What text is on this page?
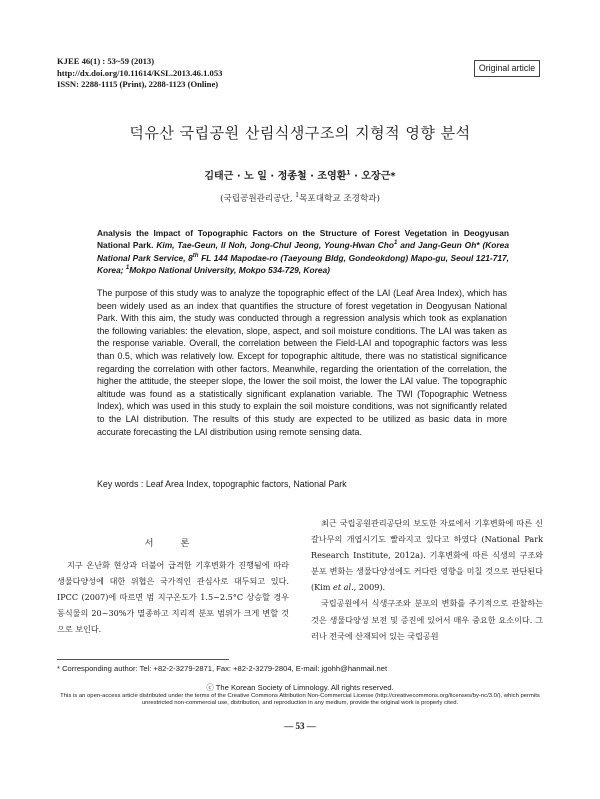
KJEE 46(1) : 53~59 (2013)
http://dx.doi.org/10.11614/KSL.2013.46.1.053
ISSN: 2288-1115 (Print), 2288-1123 (Online)
Original article
덕유산 국립공원 산림식생구조의 지형적 영향 분석
김태근 · 노 일 · 정종철 · 조영환$^1$ · 오장근*
(국립공원관리공단, $^1$목포대학교 조경학과)
Analysis the Impact of Topographic Factors on the Structure of Forest Vegetation in Deogyusan National Park. Kim, Tae-Geun, Il Noh, Jong-Chul Jeong, Young-Hwan Cho$^1$ and Jang-Geun Oh* (Korea National Park Service, 8th FL 144 Mapodae-ro (Taeyoung Bldg, Gondeokdong) Mapo-gu, Seoul 121-717, Korea; $^1$Mokpo National University, Mokpo 534-729, Korea)
The purpose of this study was to analyze the topographic effect of the LAI (Leaf Area Index), which has been widely used as an index that quantifies the structure of forest vegetation in Deogyusan National Park. With this aim, the study was conducted through a regression analysis which took as explanation the following variables: the elevation, slope, aspect, and soil moisture conditions. The LAI was taken as the response variable. Overall, the correlation between the Field-LAI and topographic factors was less than 0.5, which was relatively low. Except for topographic altitude, there was no statistical significance regarding the correlation with other factors. Meanwhile, regarding the orientation of the correlation, the higher the attitude, the steeper slope, the lower the soil moist, the lower the LAI value. The topographic altitude was found as a statistically significant explanation variable. The TWI (Topographic Wetness Index), which was used in this study to explain the soil moisture conditions, was not significantly related to the LAI distribution. The results of this study are expected to be utilized as basic data in more accurate forecasting the LAI distribution using remote sensing data.
Key words : Leaf Area Index, topographic factors, National Park
서 론

지구 온난화 현상과 더불어 급격한 기후변화가 진행됨에 따라 생물다양성에 대한 위협은 국가적인 관심사로 대두되고 있다. IPCC (2007)에 따르면 범 지구온도가 1.5~2.5°C 상승할 경우 동식물의 20~30%가 멸종하고 지리적 분포 범위가 크게 변할 것으로 보인다.

최근 국립공원관리공단의 보도한 자료에서 기후변화에 따른 신갈나무의 개엽시기도 빨라지고 있다고 하였다 (National Park Research Institute, 2012a). 기후변화에 따른 식생의 구조와 분포 변화는 생물다양성에도 커다란 영향을 미칠 것으로 판단된다 (Kim et al., 2009).

국립공원에서 식생구조와 분포의 변화를 주기적으로 관찰하는 것은 생물다양성 보전 및 증진에 있어서 매우 중요한 요소이다. 그러나 전국에 산재되어 있는 국립공원

* Corresponding author: Tel: +82-2-3279-2871, Fax: +82-2-3279-2804, E-mail: jgohh@hanmail.net
ⓒ The Korean Society of Limnology. All rights reserved.
This is an open-access article distributed under the terms of the Creative Commons Attribution Non-Commercial License (http://creativecommons.org/licenses/by-nc/3.0/), which permits unrestricted non-commercial use, distribution, and reproduction in any medium, provide the original work is properly cited.
— 53 —
